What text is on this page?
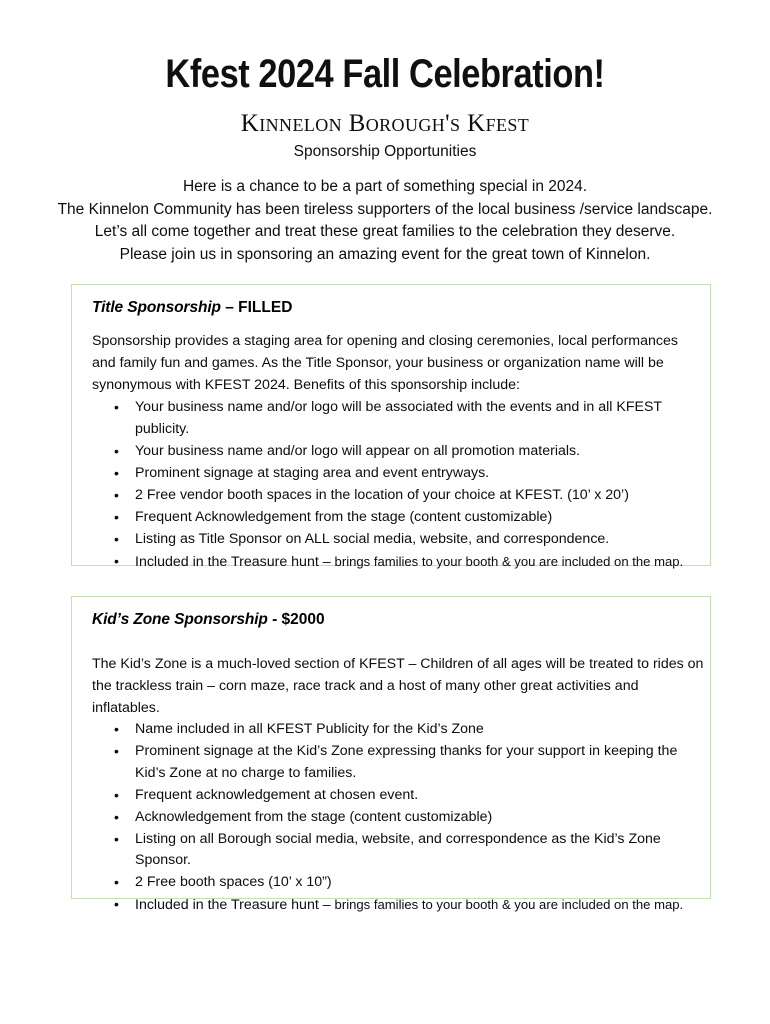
Kfest 2024 Fall Celebration!
Kinnelon Borough's Kfest
Sponsorship Opportunities
Here is a chance to be a part of something special in 2024.
The Kinnelon Community has been tireless supporters of the local business /service landscape.
Let’s all come together and treat these great families to the celebration they deserve.
Please join us in sponsoring an amazing event for the great town of Kinnelon.
Title Sponsorship – FILLED
Sponsorship provides a staging area for opening and closing ceremonies, local performances
and family fun and games. As the Title Sponsor, your business or organization name will be
synonymous with KFEST 2024. Benefits of this sponsorship include:
• Your business name and/or logo will be associated with the events and in all KFEST publicity.
• Your business name and/or logo will appear on all promotion materials.
• Prominent signage at staging area and event entryways.
• 2 Free vendor booth spaces in the location of your choice at KFEST. (10’ x 20’)
• Frequent Acknowledgement from the stage (content customizable)
• Listing as Title Sponsor on ALL social media, website, and correspondence.
• Included in the Treasure hunt – brings families to your booth & you are included on the map.
Kid’s Zone Sponsorship - $2000
The Kid’s Zone is a much-loved section of KFEST – Children of all ages will be treated to rides on
the trackless train – corn maze, race track and a host of many other great activities and
inflatables.
• Name included in all KFEST Publicity for the Kid’s Zone
• Prominent signage at the Kid’s Zone expressing thanks for your support in keeping the Kid’s Zone at no charge to families.
• Frequent acknowledgement at chosen event.
• Acknowledgement from the stage (content customizable)
• Listing on all Borough social media, website, and correspondence as the Kid’s Zone Sponsor.
• 2 Free booth spaces (10’ x 10”)
• Included in the Treasure hunt – brings families to your booth & you are included on the map.
